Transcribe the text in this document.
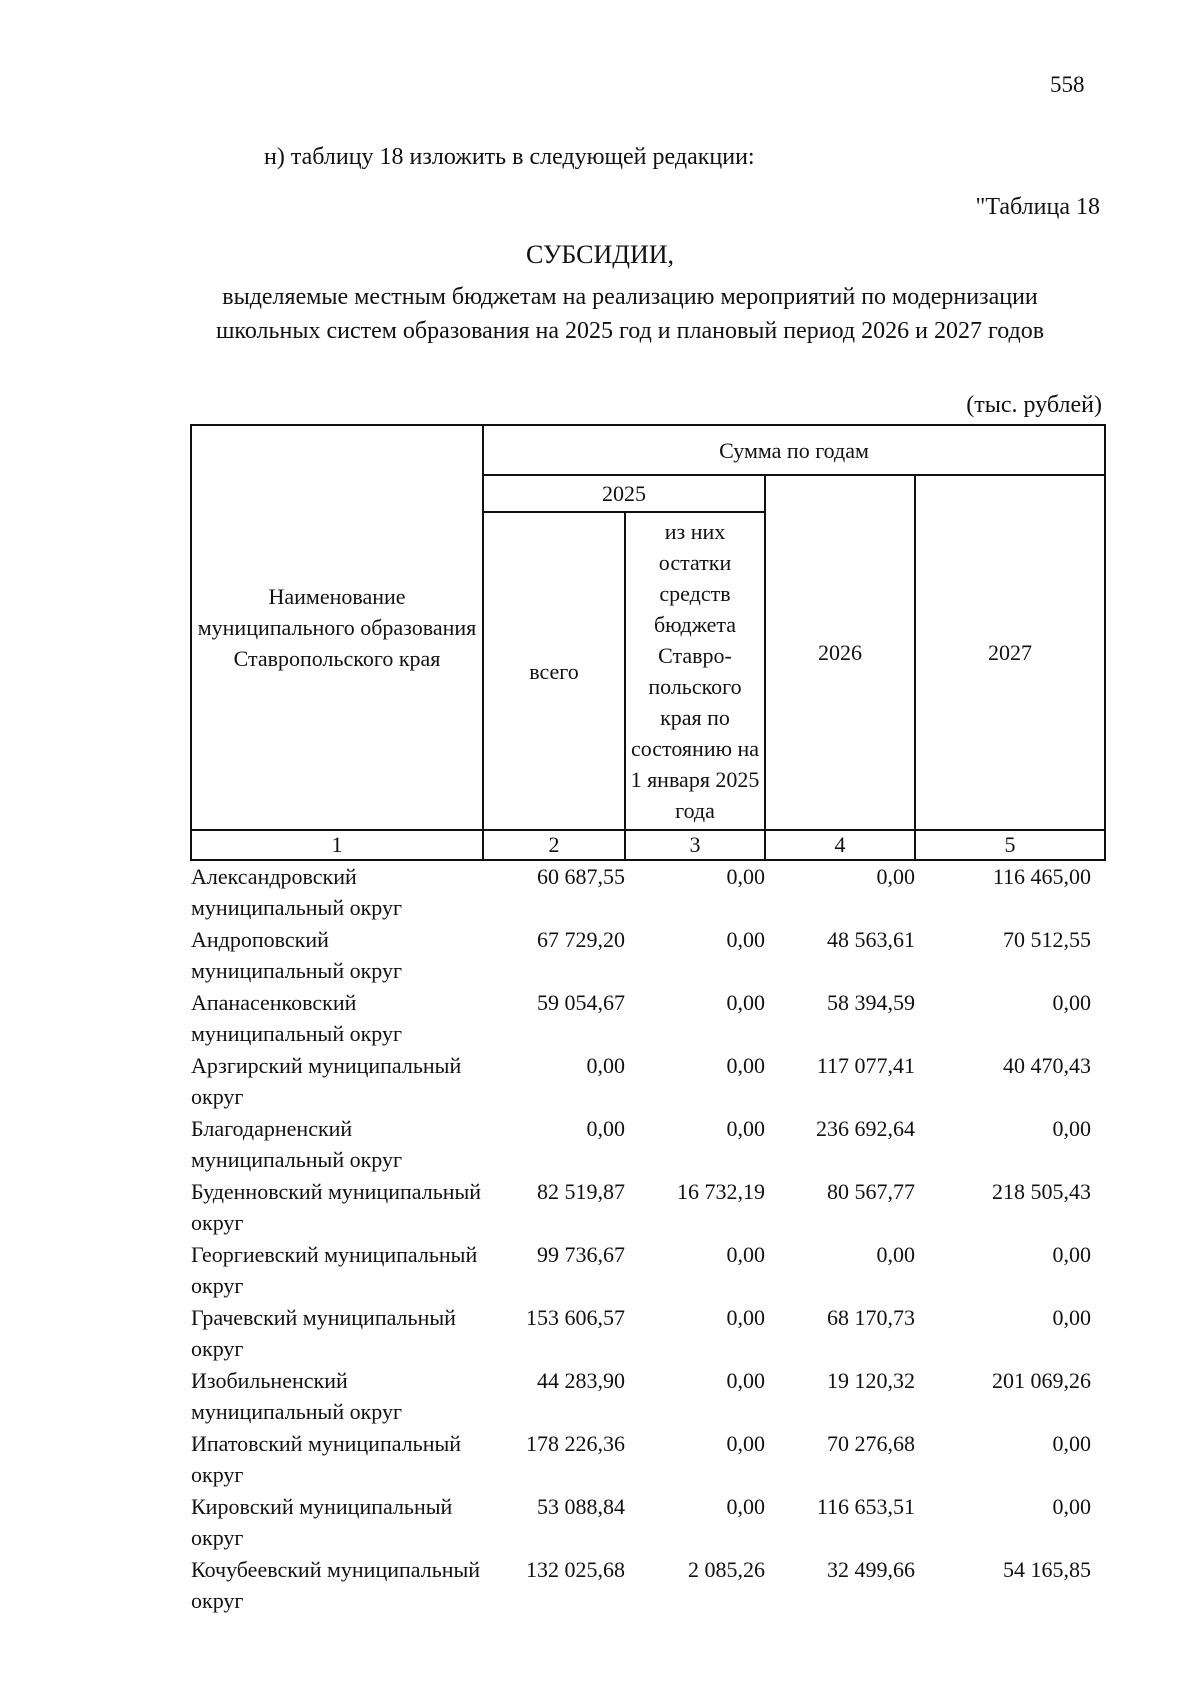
558
н) таблицу 18 изложить в следующей редакции:
"Таблица 18
СУБСИДИИ,
выделяемые местным бюджетам на реализацию мероприятий по модернизации школьных систем образования на 2025 год и плановый период 2026 и 2027 годов
(тыс. рублей)
Наименование муниципального образования Ставропольского края	Сумма по годам			
	2025		2026	2027
	всего	из них остатки средств бюджета Ставро-польского края по состоянию на 1 января 2025 года		
1	2	3	4	5
Александровский муниципальный округ	60 687,55	0,00	0,00	116 465,00
Андроповский муниципальный округ	67 729,20	0,00	48 563,61	70 512,55
Апанасенковский муниципальный округ	59 054,67	0,00	58 394,59	0,00
Арзгирский муниципальный округ	0,00	0,00	117 077,41	40 470,43
Благодарненский муниципальный округ	0,00	0,00	236 692,64	0,00
Буденновский муниципальный округ	82 519,87	16 732,19	80 567,77	218 505,43
Георгиевский муниципальный округ	99 736,67	0,00	0,00	0,00
Грачевский муниципальный округ	153 606,57	0,00	68 170,73	0,00
Изобильненский муниципальный округ	44 283,90	0,00	19 120,32	201 069,26
Ипатовский муниципальный округ	178 226,36	0,00	70 276,68	0,00
Кировский муниципальный округ	53 088,84	0,00	116 653,51	0,00
Кочубеевский муниципальный округ	132 025,68	2 085,26	32 499,66	54 165,85
